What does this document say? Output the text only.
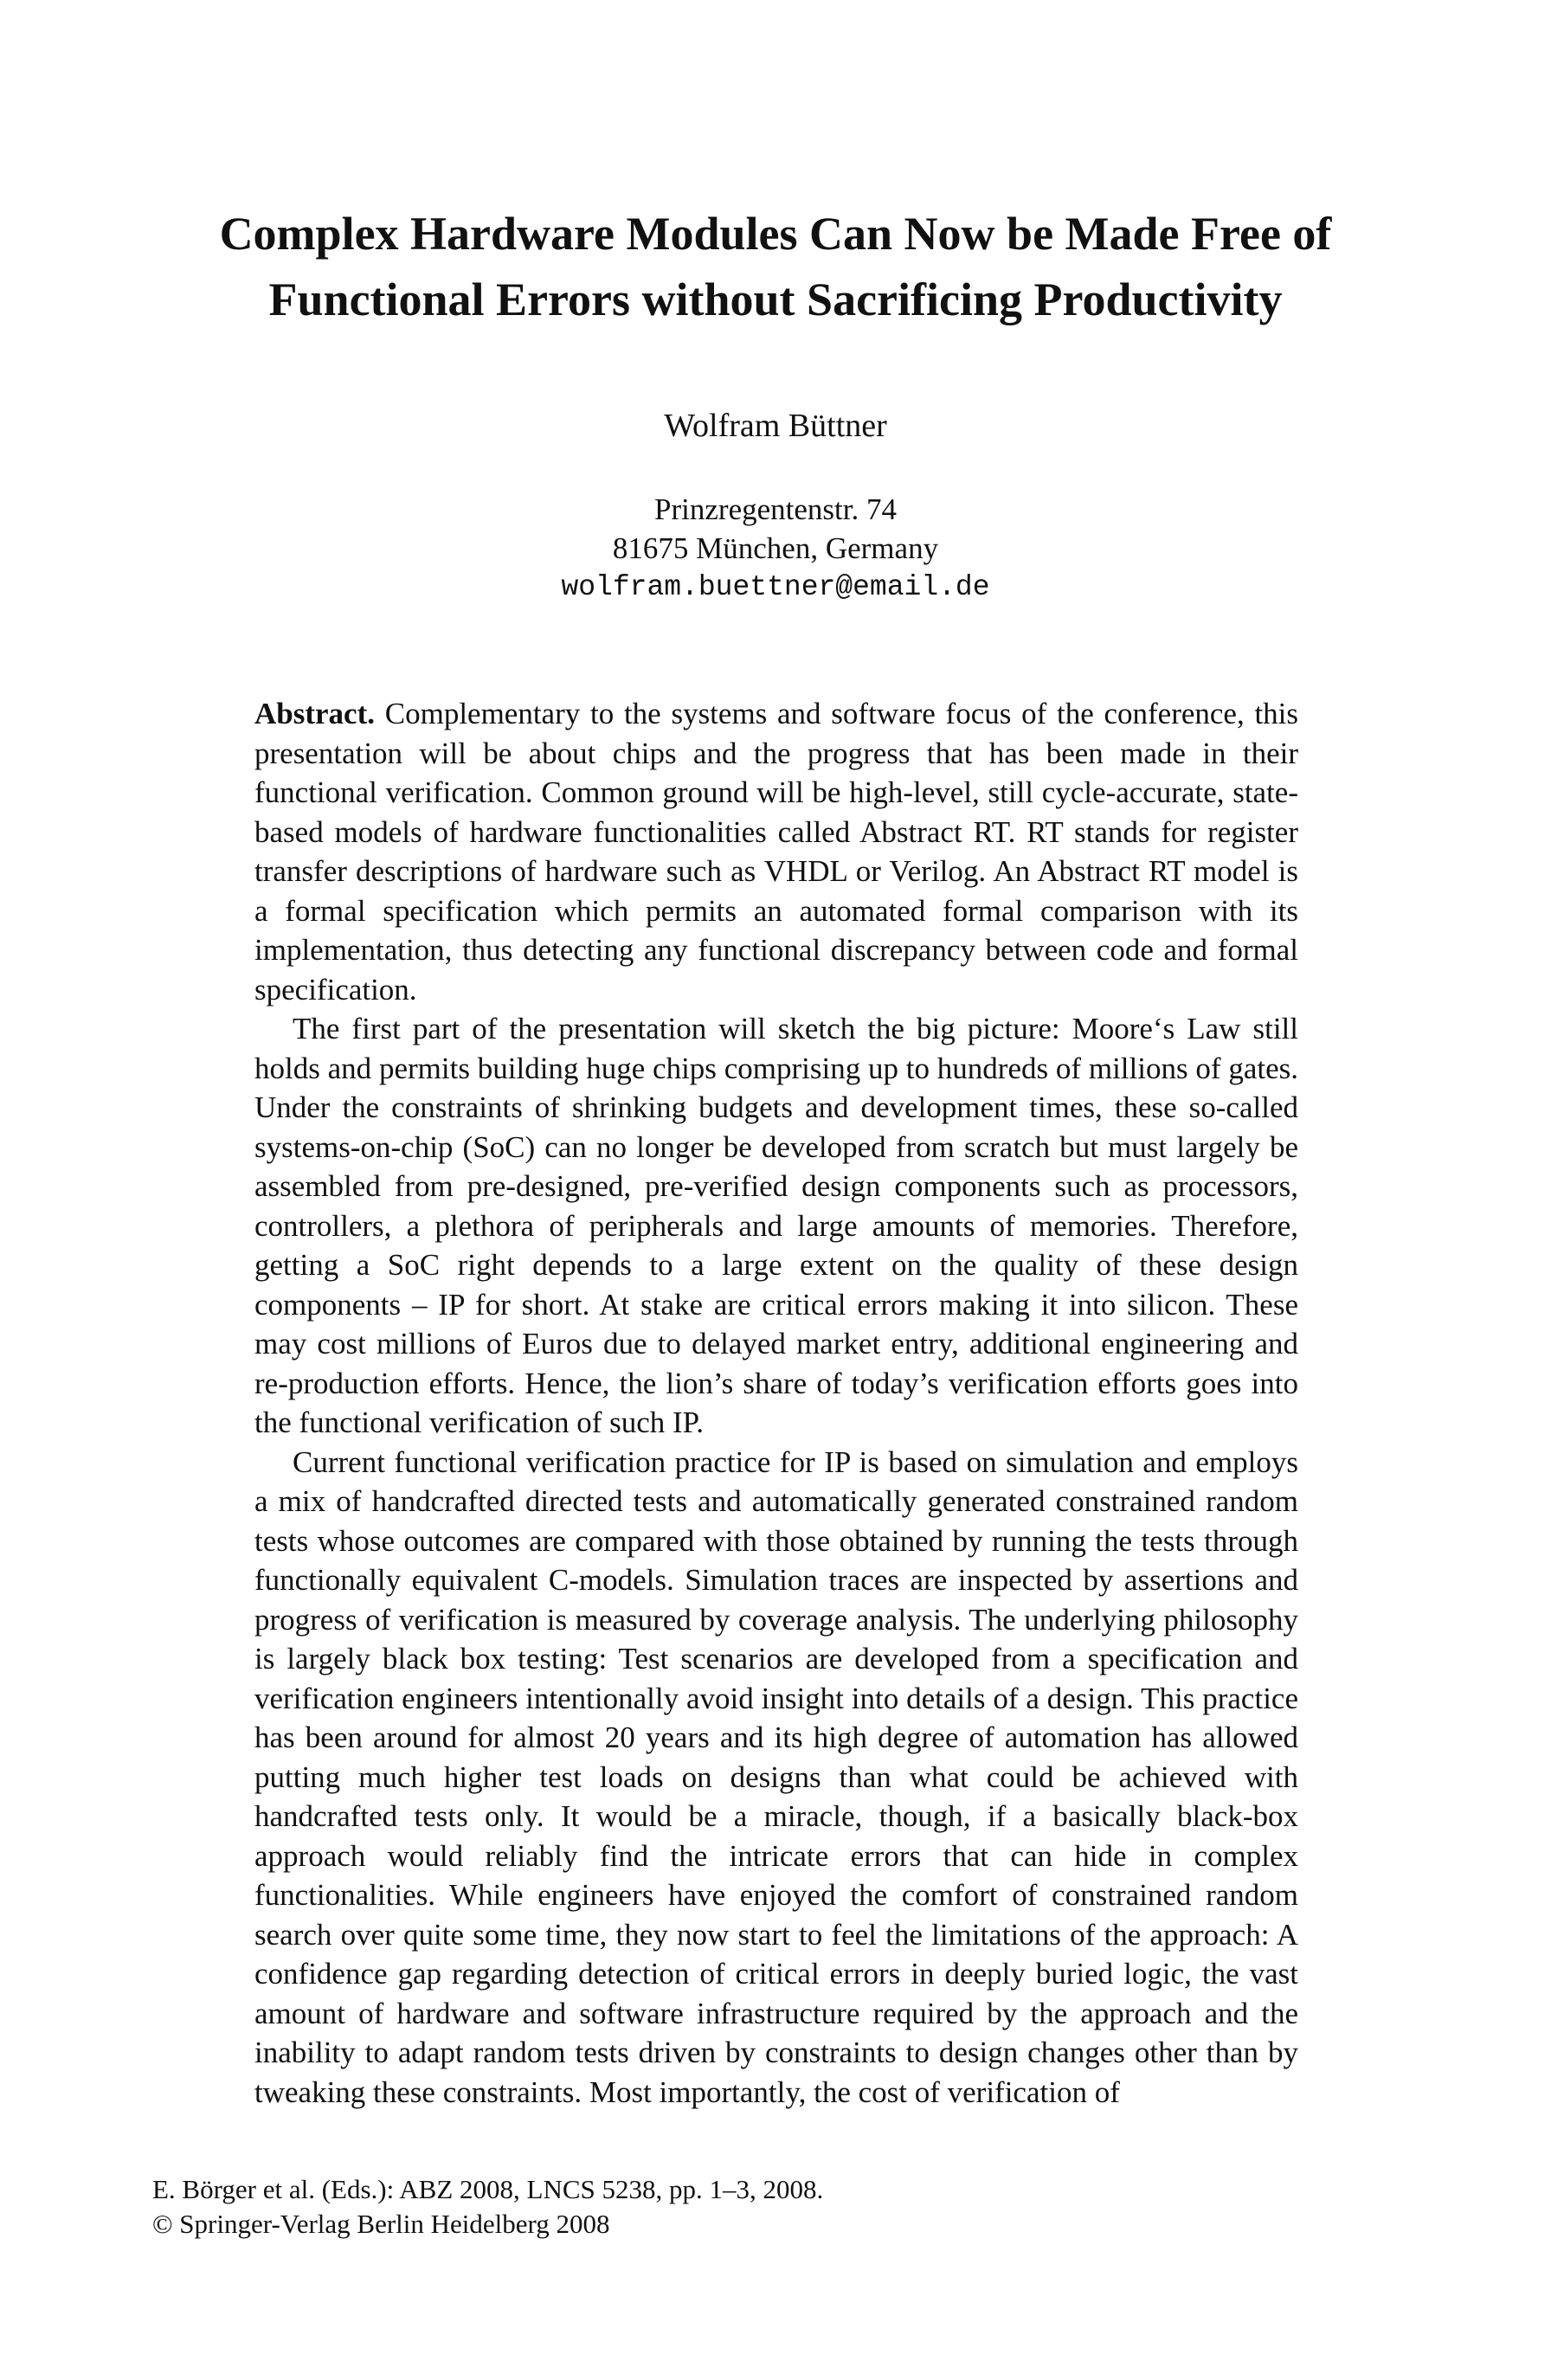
Complex Hardware Modules Can Now be Made Free of
Functional Errors without Sacrificing Productivity
Wolfram Büttner
Prinzregentenstr. 74
81675 München, Germany
wolfram.buettner@email.de

Abstract. Complementary to the systems and software focus of the conference, this presentation will be about chips and the progress that has been made in their functional verification. Common ground will be high-level, still cycle-accurate, state-based models of hardware functionalities called Abstract RT. RT stands for register transfer descriptions of hardware such as VHDL or Verilog. An Abstract RT model is a formal specification which permits an automated formal comparison with its implementation, thus detecting any functional discrepancy between code and formal specification.

The first part of the presentation will sketch the big picture: Moore‘s Law still holds and permits building huge chips comprising up to hundreds of millions of gates. Under the constraints of shrinking budgets and development times, these so-called systems-on-chip (SoC) can no longer be developed from scratch but must largely be assembled from pre-designed, pre-verified design components such as processors, controllers, a plethora of peripherals and large amounts of memories. Therefore, getting a SoC right depends to a large extent on the quality of these design components – IP for short. At stake are critical errors making it into silicon. These may cost millions of Euros due to delayed market entry, additional engineering and re-production efforts. Hence, the lion’s share of today’s verification efforts goes into the functional verification of such IP.

Current functional verification practice for IP is based on simulation and employs a mix of handcrafted directed tests and automatically generated constrained random tests whose outcomes are compared with those obtained by running the tests through functionally equivalent C-models. Simulation traces are inspected by assertions and progress of verification is measured by coverage analysis. The underlying philosophy is largely black box testing: Test scenarios are developed from a specification and verification engineers intentionally avoid insight into details of a design. This practice has been around for almost 20 years and its high degree of automation has allowed putting much higher test loads on designs than what could be achieved with handcrafted tests only. It would be a miracle, though, if a basically black-box approach would reliably find the intricate errors that can hide in complex functionalities. While engineers have enjoyed the comfort of constrained random search over quite some time, they now start to feel the limitations of the approach: A confidence gap regarding detection of critical errors in deeply buried logic, the vast amount of hardware and software infrastructure required by the approach and the inability to adapt random tests driven by constraints to design changes other than by tweaking these constraints. Most importantly, the cost of verification of

E. Börger et al. (Eds.): ABZ 2008, LNCS 5238, pp. 1–3, 2008.
© Springer-Verlag Berlin Heidelberg 2008
